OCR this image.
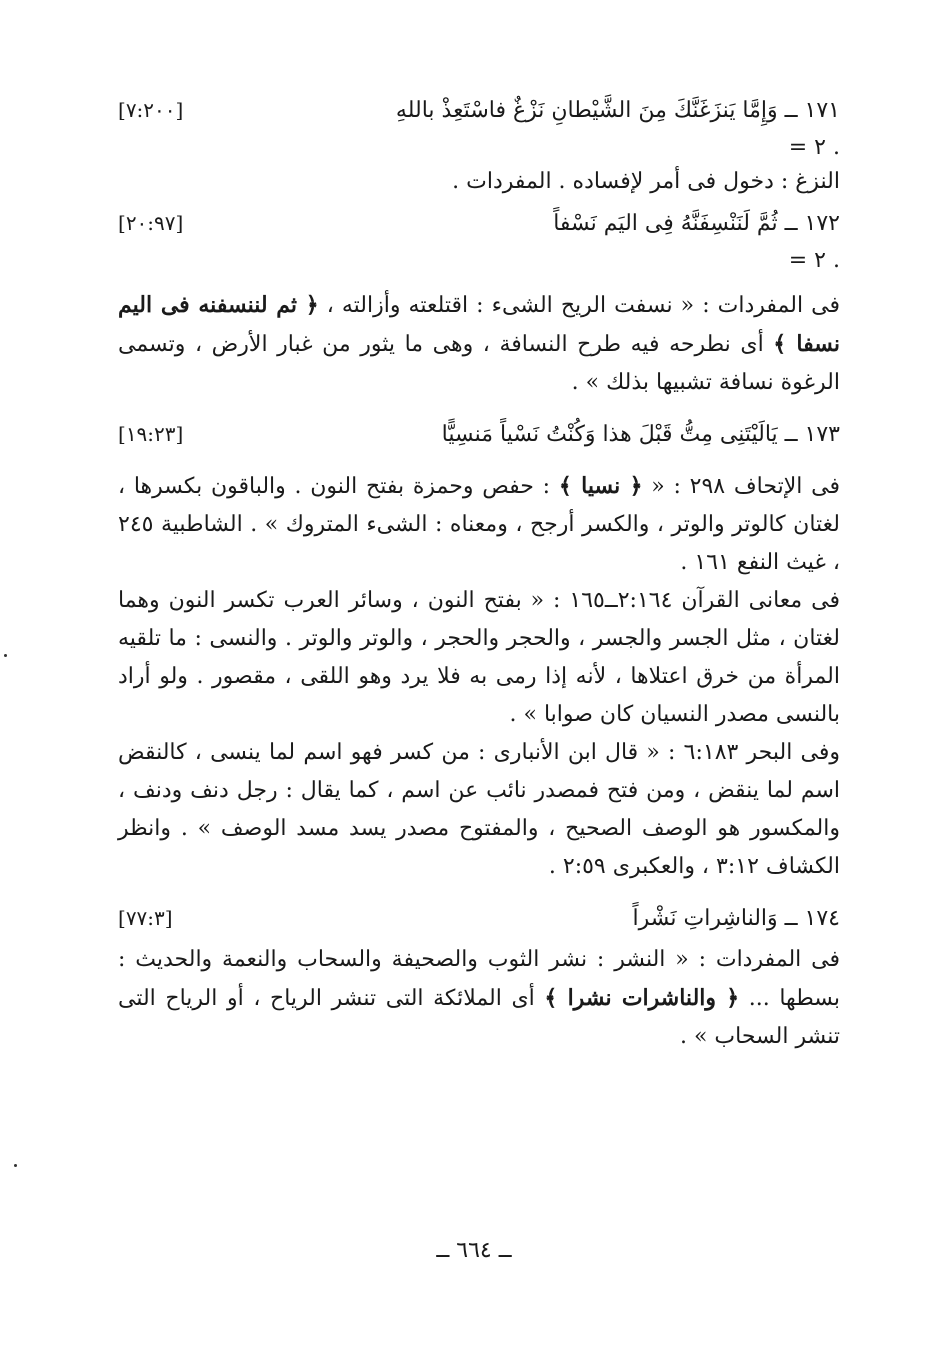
١٧١ ــ وَإِمَّا يَنزَغَنَّكَ مِنَ الشَّيْطانِ نَزْغٌ فاسْتَعِذْ باللهِ
[٧:٢٠٠]

. ٢ =

النزغ : دخول فى أمر لإفساده . المفردات .

١٧٢ ــ ثُمَّ لَنَنْسِفَنَّهُ فِى اليَم نَسْفاً
[٢٠:٩٧]

. ٢ =

فى المفردات : « نسفت الريح الشىء : اقتلعته وأزالته ، ﴿ ثم لننسفنه فى اليم نسفا ﴾ أى نطرحه فيه طرح النسافة ، وهى ما يثور من غبار الأرض ، وتسمى الرغوة نسافة تشبيها بذلك » .

١٧٣ ــ يَالَيْتَنِى مِتُّ قَبْلَ هذا وَكُنْتُ نَسْياً مَنسِيًّا
[١٩:٢٣]

فى الإتحاف ٢٩٨ : « ﴿ نسيا ﴾ : حفص وحمزة بفتح النون . والباقون بكسرها ، لغتان كالوتر والوتر ، والكسر أرجح ، ومعناه : الشىء المتروك » . الشاطبية ٢٤٥ ، غيث النفع ١٦١ .

فى معانى القرآن ٢:١٦٤ــ١٦٥ : « بفتح النون ، وسائر العرب تكسر النون وهما لغتان ، مثل الجسر والجسر ، والحجر والحجر ، والوتر والوتر . والنسى : ما تلقيه المرأة من خرق اعتلاها ، لأنه إذا رمى به فلا يرد وهو اللقى ، مقصور . ولو أراد بالنسى مصدر النسيان كان صوابا » .

وفى البحر ٦:١٨٣ : « قال ابن الأنبارى : من كسر فهو اسم لما ينسى ، كالنقض اسم لما ينقض ، ومن فتح فمصدر نائب عن اسم ، كما يقال : رجل دنف ودنف ، والمكسور هو الوصف الصحيح ، والمفتوح مصدر يسد مسد الوصف » . وانظر الكشاف ٣:١٢ ، والعكبرى ٢:٥٩ .

١٧٤ ــ وَالناشِراتِ نَشْراً
[٧٧:٣]

فى المفردات : « النشر : نشر الثوب والصحيفة والسحاب والنعمة والحديث : بسطها ... ﴿ والناشرات نشرا ﴾ أى الملائكة التى تنشر الرياح ، أو الرياح التى تنشر السحاب » .

ــ ٦٦٤ ــ
